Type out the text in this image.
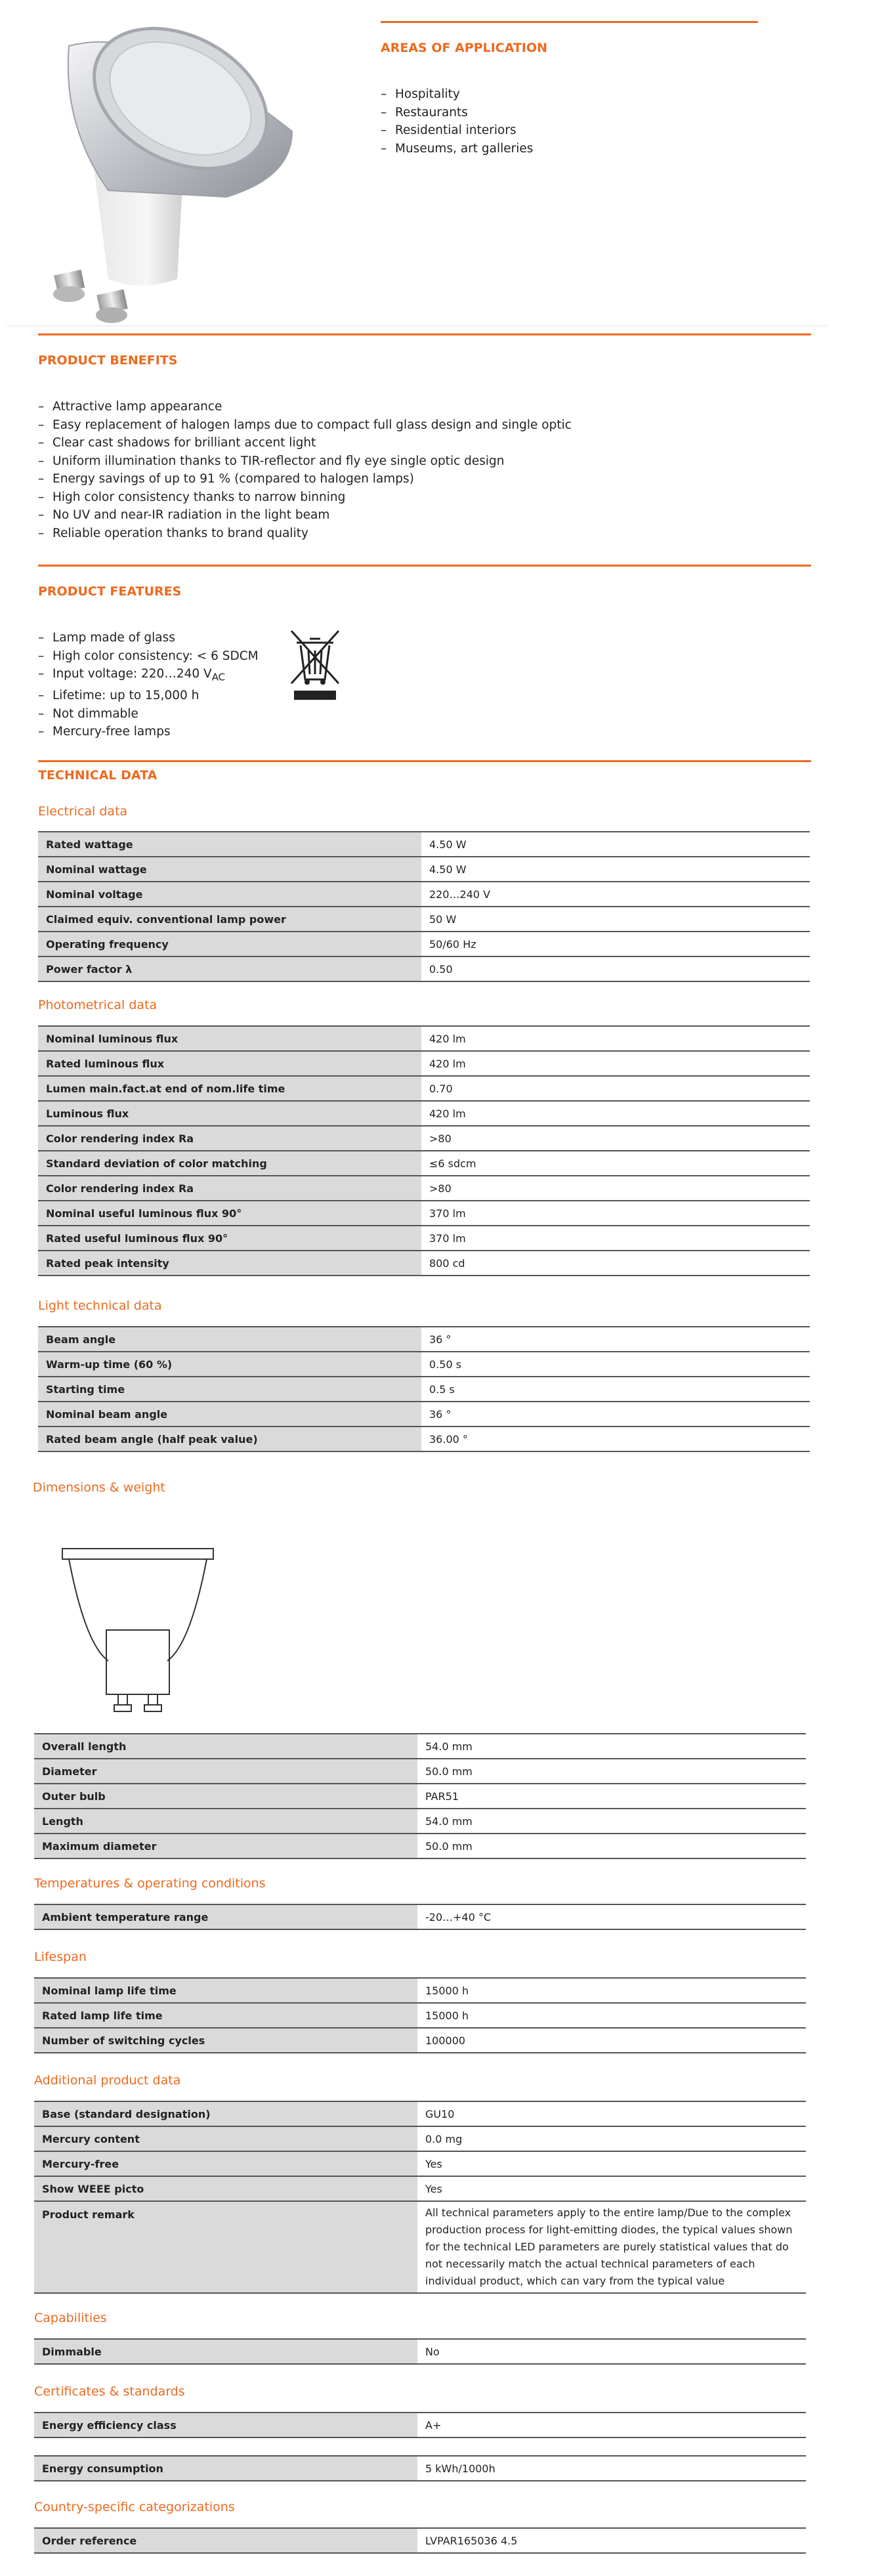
AREAS OF APPLICATION
– Hospitality
– Restaurants
– Residential interiors
– Museums, art galleries
PRODUCT BENEFITS
– Attractive lamp appearance
– Easy replacement of halogen lamps due to compact full glass design and single optic
– Clear cast shadows for brilliant accent light
– Uniform illumination thanks to TIR-reflector and fly eye single optic design
– Energy savings of up to 91 % (compared to halogen lamps)
– High color consistency thanks to narrow binning
– No UV and near-IR radiation in the light beam
– Reliable operation thanks to brand quality
PRODUCT FEATURES
– Lamp made of glass
– High color consistency: < 6 SDCM
– Input voltage: 220…240 $V_{AC}$
– Lifetime: up to 15,000 h
– Not dimmable
– Mercury-free lamps
TECHNICAL DATA
Electrical data
Rated wattage	4.50 W
Nominal wattage	4.50 W
Nominal voltage	220…240 V
Claimed equiv. conventional lamp power	50 W
Operating frequency	50/60 Hz
Power factor λ	0.50
Photometrical data
Nominal luminous flux	420 lm
Rated luminous flux	420 lm
Lumen main.fact.at end of nom.life time	0.70
Luminous flux	420 lm
Color rendering index Ra	>80
Standard deviation of color matching	≤6 sdcm
Color rendering index Ra	>80
Nominal useful luminous flux 90°	370 lm
Rated useful luminous flux 90°	370 lm
Rated peak intensity	800 cd
Light technical data
Beam angle	36 °
Warm-up time (60 %)	0.50 s
Starting time	0.5 s
Nominal beam angle	36 °
Rated beam angle (half peak value)	36.00 °
Dimensions & weight
Overall length	54.0 mm
Diameter	50.0 mm
Outer bulb	PAR51
Length	54.0 mm
Maximum diameter	50.0 mm
Temperatures & operating conditions
Ambient temperature range	-20…+40 °C
Lifespan
Nominal lamp life time	15000 h
Rated lamp life time	15000 h
Number of switching cycles	100000
Additional product data
Base (standard designation)	GU10
Mercury content	0.0 mg
Mercury-free	Yes
Show WEEE picto	Yes
Product remark	All technical parameters apply to the entire lamp/Due to the complex production process for light-emitting diodes, the typical values shown for the technical LED parameters are purely statistical values that do not necessarily match the actual technical parameters of each individual product, which can vary from the typical value
Capabilities
Dimmable	No
Certificates & standards
Energy efficiency class	A+
Energy consumption	5 kWh/1000h
Country-specific categorizations
Order reference	LVPAR165036 4.5
